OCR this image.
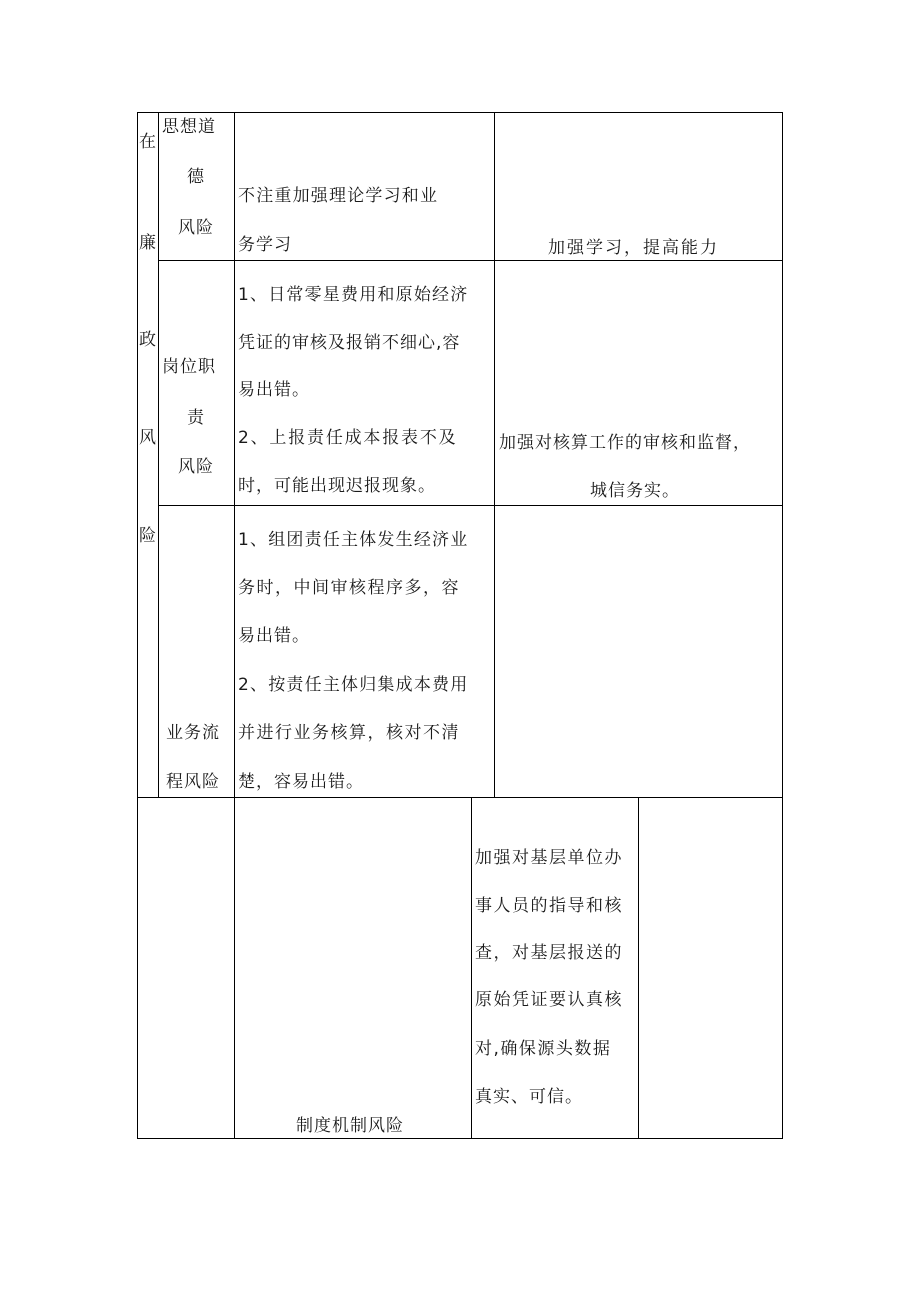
在
廉
政
风
险
思想道
德
风险
不注重加强理论学习和业
务学习	加强学习，提高能力
岗位职
责
风险
1、日常零星费用和原始经济
凭证的审核及报销不细心,容
易出错。
2、上报责任成本报表不及
时，可能出现迟报现象。
加强对核算工作的审核和监督，
城信务实。
业务流
程风险
1、组团责任主体发生经济业
务时，中间审核程序多，容
易出错。
2、按责任主体归集成本费用
并进行业务核算，核对不清
楚，容易出错。
制度机制风险
加强对基层单位办
事人员的指导和核
查，对基层报送的
原始凭证要认真核
对,确保源头数据
真实、可信。
